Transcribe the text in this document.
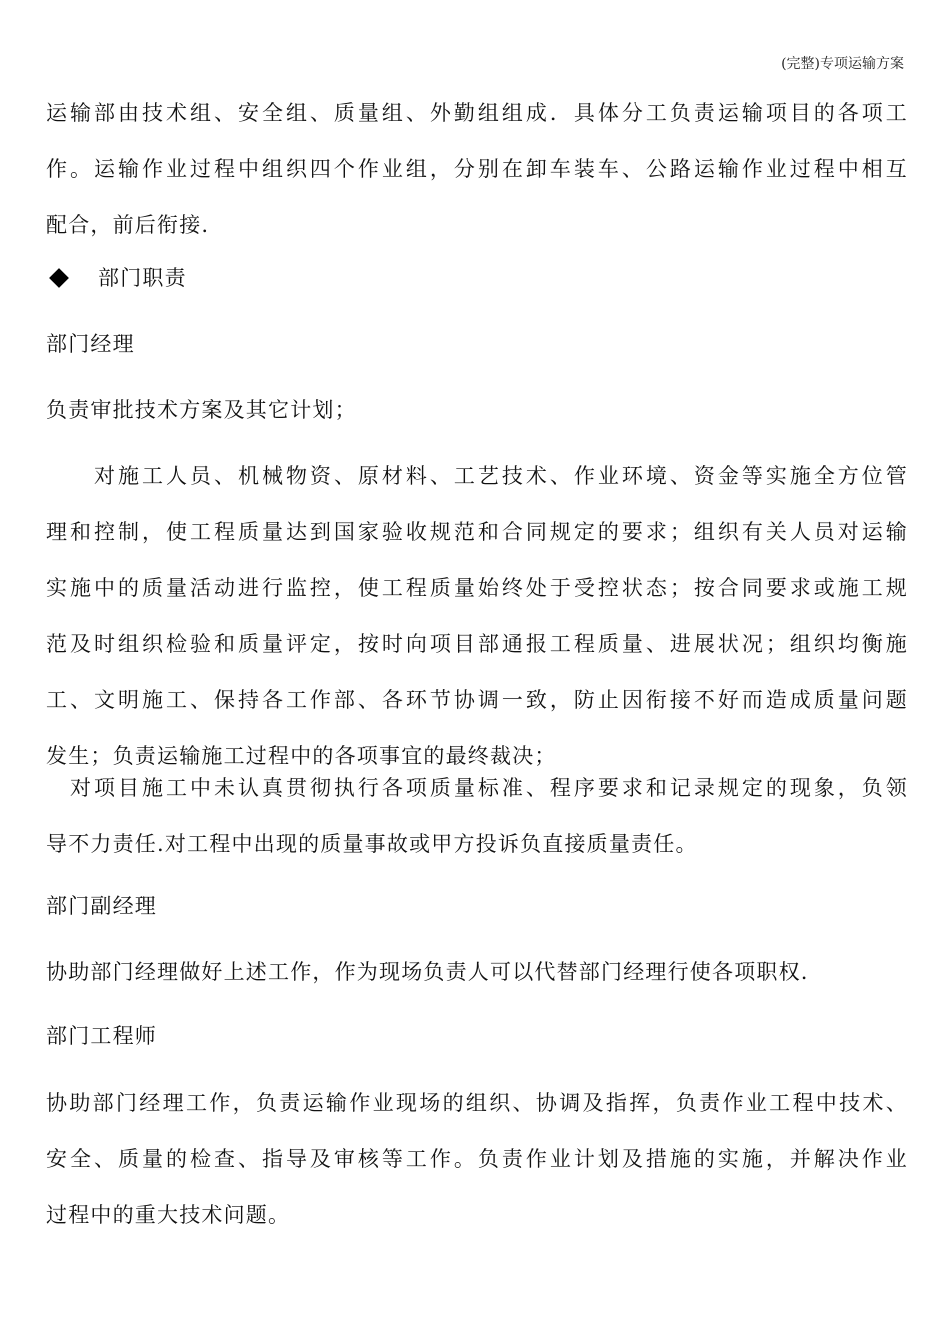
(完整)专项运输方案
运输部由技术组、安全组、质量组、外勤组组成．具体分工负责运输项目的各项工
作。运输作业过程中组织四个作业组，分别在卸车装车、公路运输作业过程中相互
配合，前后衔接.
部门职责
部门经理
负责审批技术方案及其它计划；
对施工人员、机械物资、原材料、工艺技术、作业环境、资金等实施全方位管
理和控制，使工程质量达到国家验收规范和合同规定的要求；组织有关人员对运输
实施中的质量活动进行监控，使工程质量始终处于受控状态；按合同要求或施工规
范及时组织检验和质量评定，按时向项目部通报工程质量、进展状况；组织均衡施
工、文明施工、保持各工作部、各环节协调一致，防止因衔接不好而造成质量问题
发生；负责运输施工过程中的各项事宜的最终裁决；
对项目施工中未认真贯彻执行各项质量标准、程序要求和记录规定的现象，负领
导不力责任.对工程中出现的质量事故或甲方投诉负直接质量责任。
部门副经理
协助部门经理做好上述工作，作为现场负责人可以代替部门经理行使各项职权.
部门工程师
协助部门经理工作，负责运输作业现场的组织、协调及指挥，负责作业工程中技术、
安全、质量的检查、指导及审核等工作。负责作业计划及措施的实施，并解决作业
过程中的重大技术问题。
